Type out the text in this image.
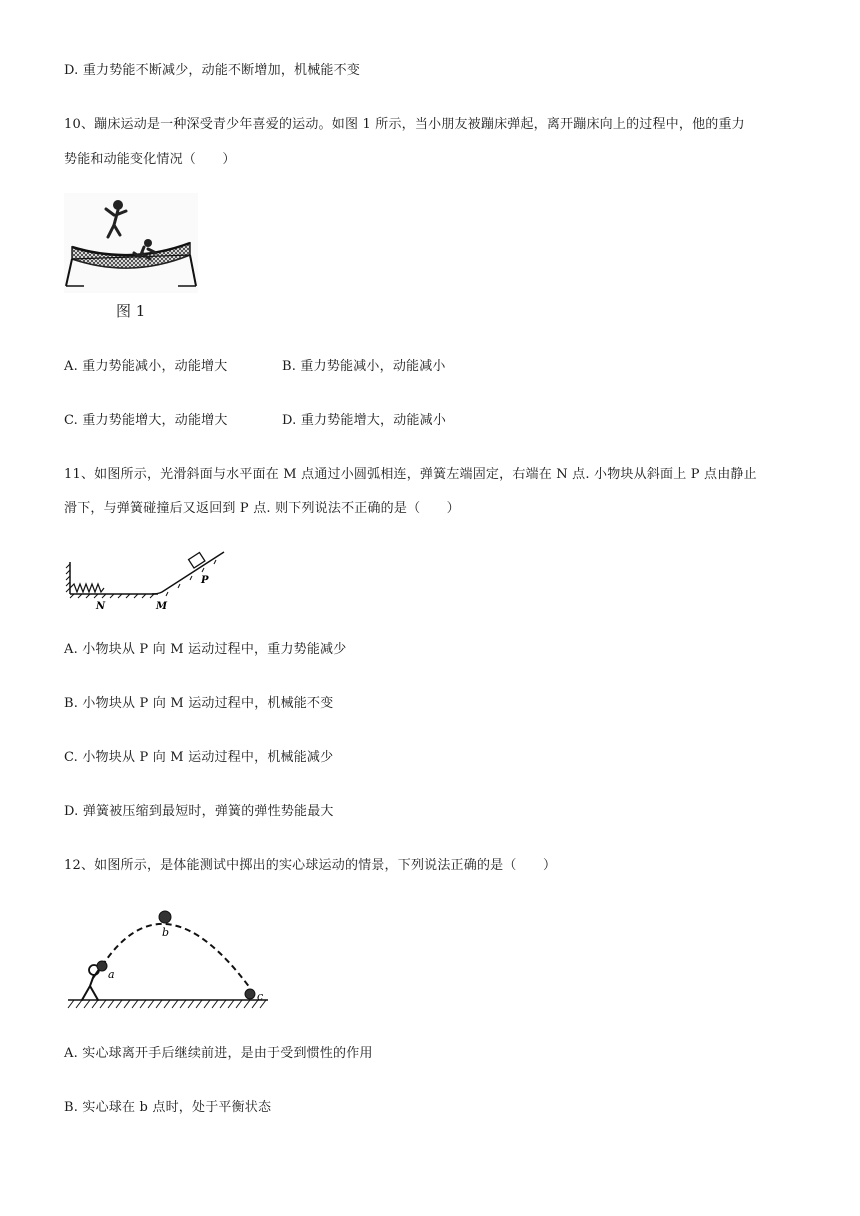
D. 重力势能不断减少，动能不断增加，机械能不变
10、蹦床运动是一种深受青少年喜爱的运动。如图 1 所示，当小朋友被蹦床弹起，离开蹦床向上的过程中，他的重力
势能和动能变化情况（　　）
图 1
A. 重力势能减小，动能增大	B. 重力势能减小，动能减小
C. 重力势能增大，动能增大	D. 重力势能增大，动能减小
11、如图所示，光滑斜面与水平面在 M 点通过小圆弧相连，弹簧左端固定，右端在 N 点. 小物块从斜面上 P 点由静止
滑下，与弹簧碰撞后又返回到 P 点. 则下列说法不正确的是（　　）
N	M
P
A. 小物块从 P 向 M 运动过程中，重力势能减少
B. 小物块从 P 向 M 运动过程中，机械能不变
C. 小物块从 P 向 M 运动过程中，机械能减少
D. 弹簧被压缩到最短时，弹簧的弹性势能最大
12、如图所示，是体能测试中掷出的实心球运动的情景，下列说法正确的是（　　）
a
b
c
A. 实心球离开手后继续前进，是由于受到惯性的作用
B. 实心球在 b 点时，处于平衡状态
